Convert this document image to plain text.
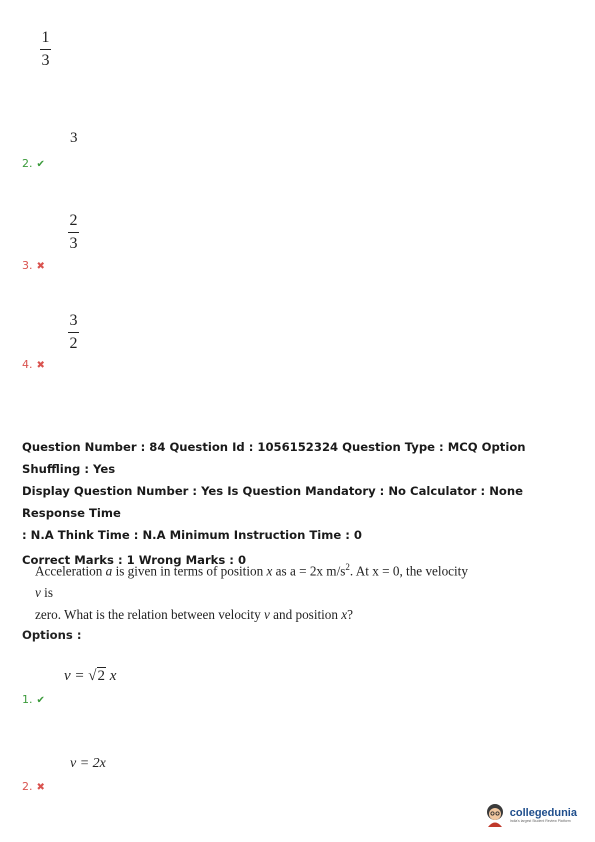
1
3
3
2. ✔
2
3
3. ✖
3
2
4. ✖
Question Number : 84 Question Id : 1056152324 Question Type : MCQ Option Shuffling : Yes
Display Question Number : Yes Is Question Mandatory : No Calculator : None Response Time
: N.A Think Time : N.A Minimum Instruction Time : 0
Correct Marks : 1 Wrong Marks : 0
Acceleration a is given in terms of position x as a = 2x $m/s^2$. At x = 0, the velocity v is
zero. What is the relation between velocity v and position x?
Options :
v = √2 x
1. ✔
v = 2x
2. ✖
collegedunia
India's largest Student Review Platform
